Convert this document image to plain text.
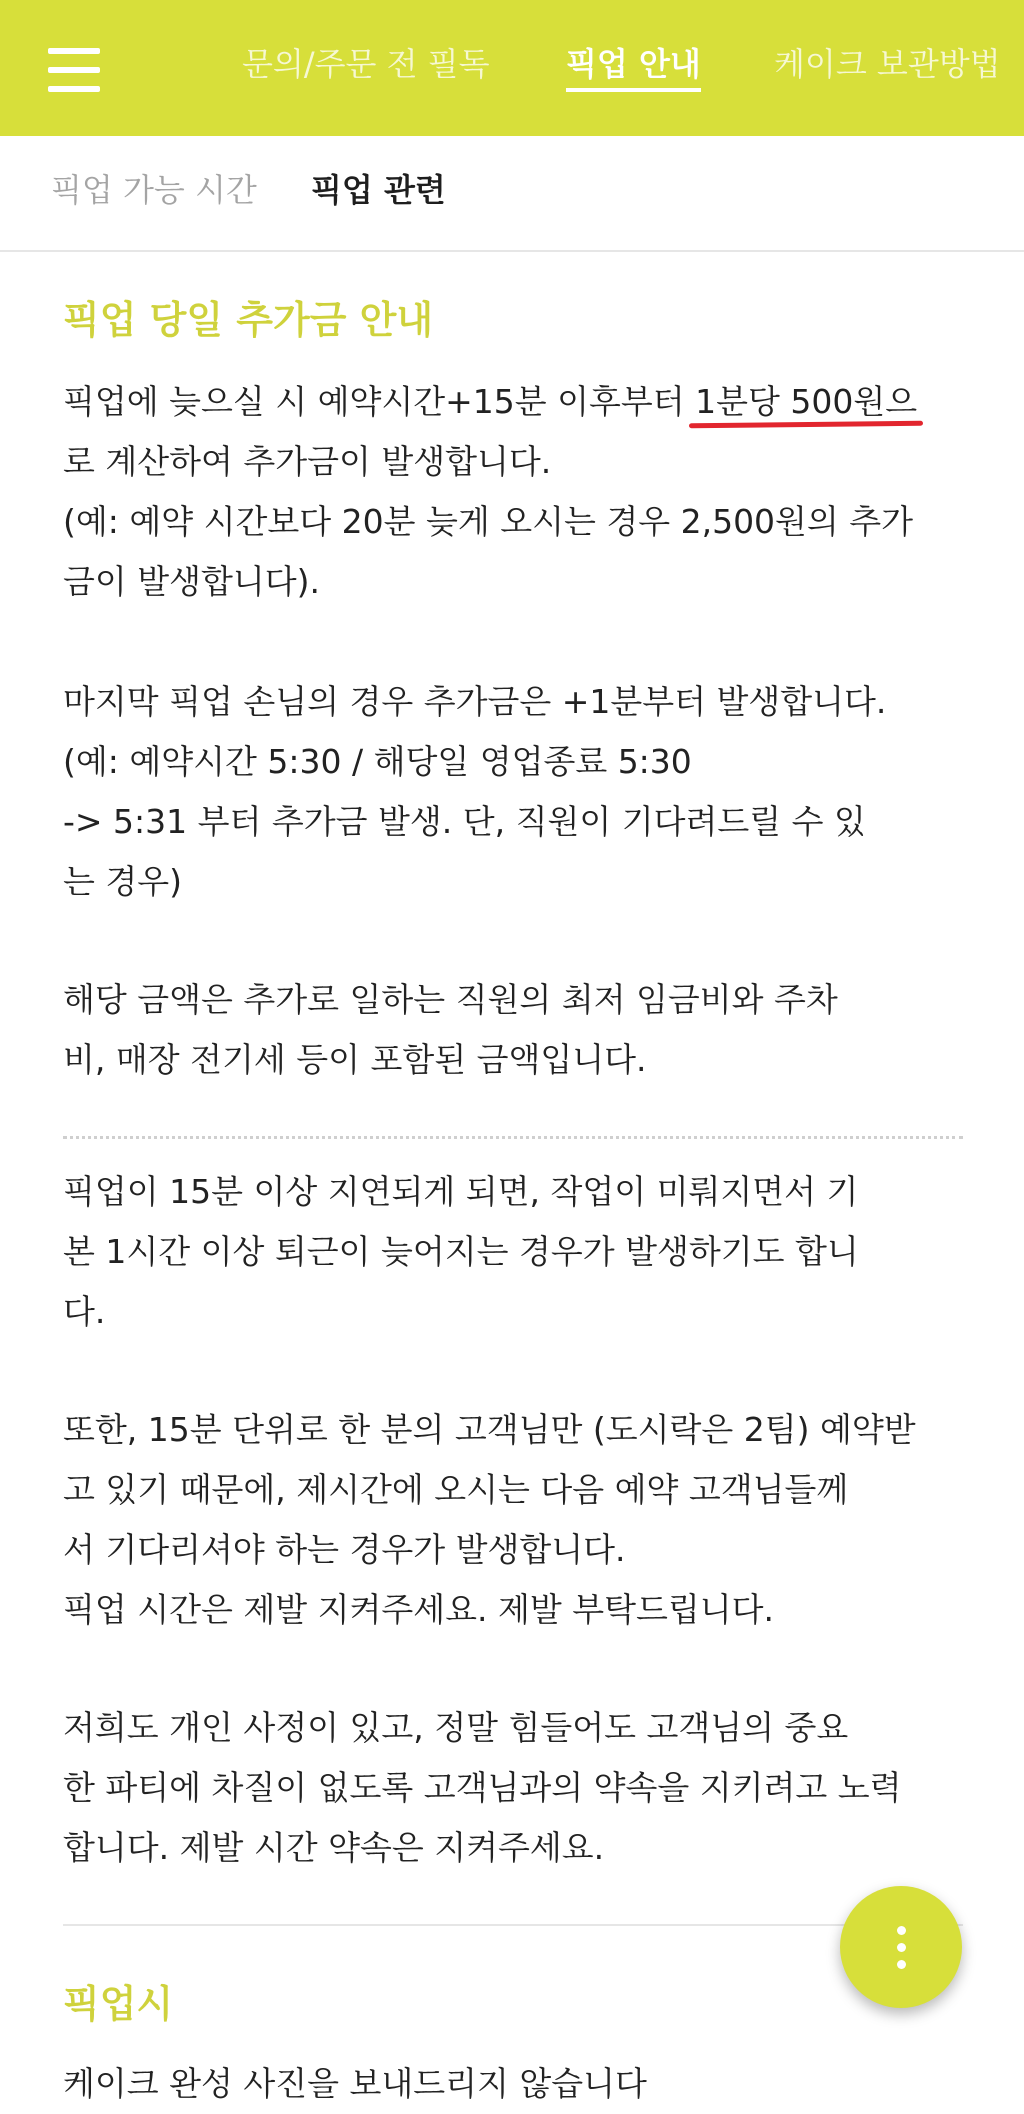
문의/주문 전 필독 픽업 안내 케이크 보관방법
픽업 가능 시간 픽업 관련
픽업 당일 추가금 안내

픽업에 늦으실 시 예약시간+15분 이후부터 1분당 500원으

로 계산하여 추가금이 발생합니다.

(예: 예약 시간보다 20분 늦게 오시는 경우 2,500원의 추가

금이 발생합니다).

마지막 픽업 손님의 경우 추가금은 +1분부터 발생합니다.

(예: 예약시간 5:30 / 해당일 영업종료 5:30

-> 5:31 부터 추가금 발생. 단, 직원이 기다려드릴 수 있

는 경우)

해당 금액은 추가로 일하는 직원의 최저 임금비와 주차

비, 매장 전기세 등이 포함된 금액입니다.

픽업이 15분 이상 지연되게 되면, 작업이 미뤄지면서 기

본 1시간 이상 퇴근이 늦어지는 경우가 발생하기도 합니

다.

또한, 15분 단위로 한 분의 고객님만 (도시락은 2팀) 예약받

고 있기 때문에, 제시간에 오시는 다음 예약 고객님들께

서 기다리셔야 하는 경우가 발생합니다.

픽업 시간은 제발 지켜주세요. 제발 부탁드립니다.

저희도 개인 사정이 있고, 정말 힘들어도 고객님의 중요

한 파티에 차질이 없도록 고객님과의 약속을 지키려고 노력

합니다. 제발 시간 약속은 지켜주세요.

픽업시
케이크 완성 사진을 보내드리지 않습니다
